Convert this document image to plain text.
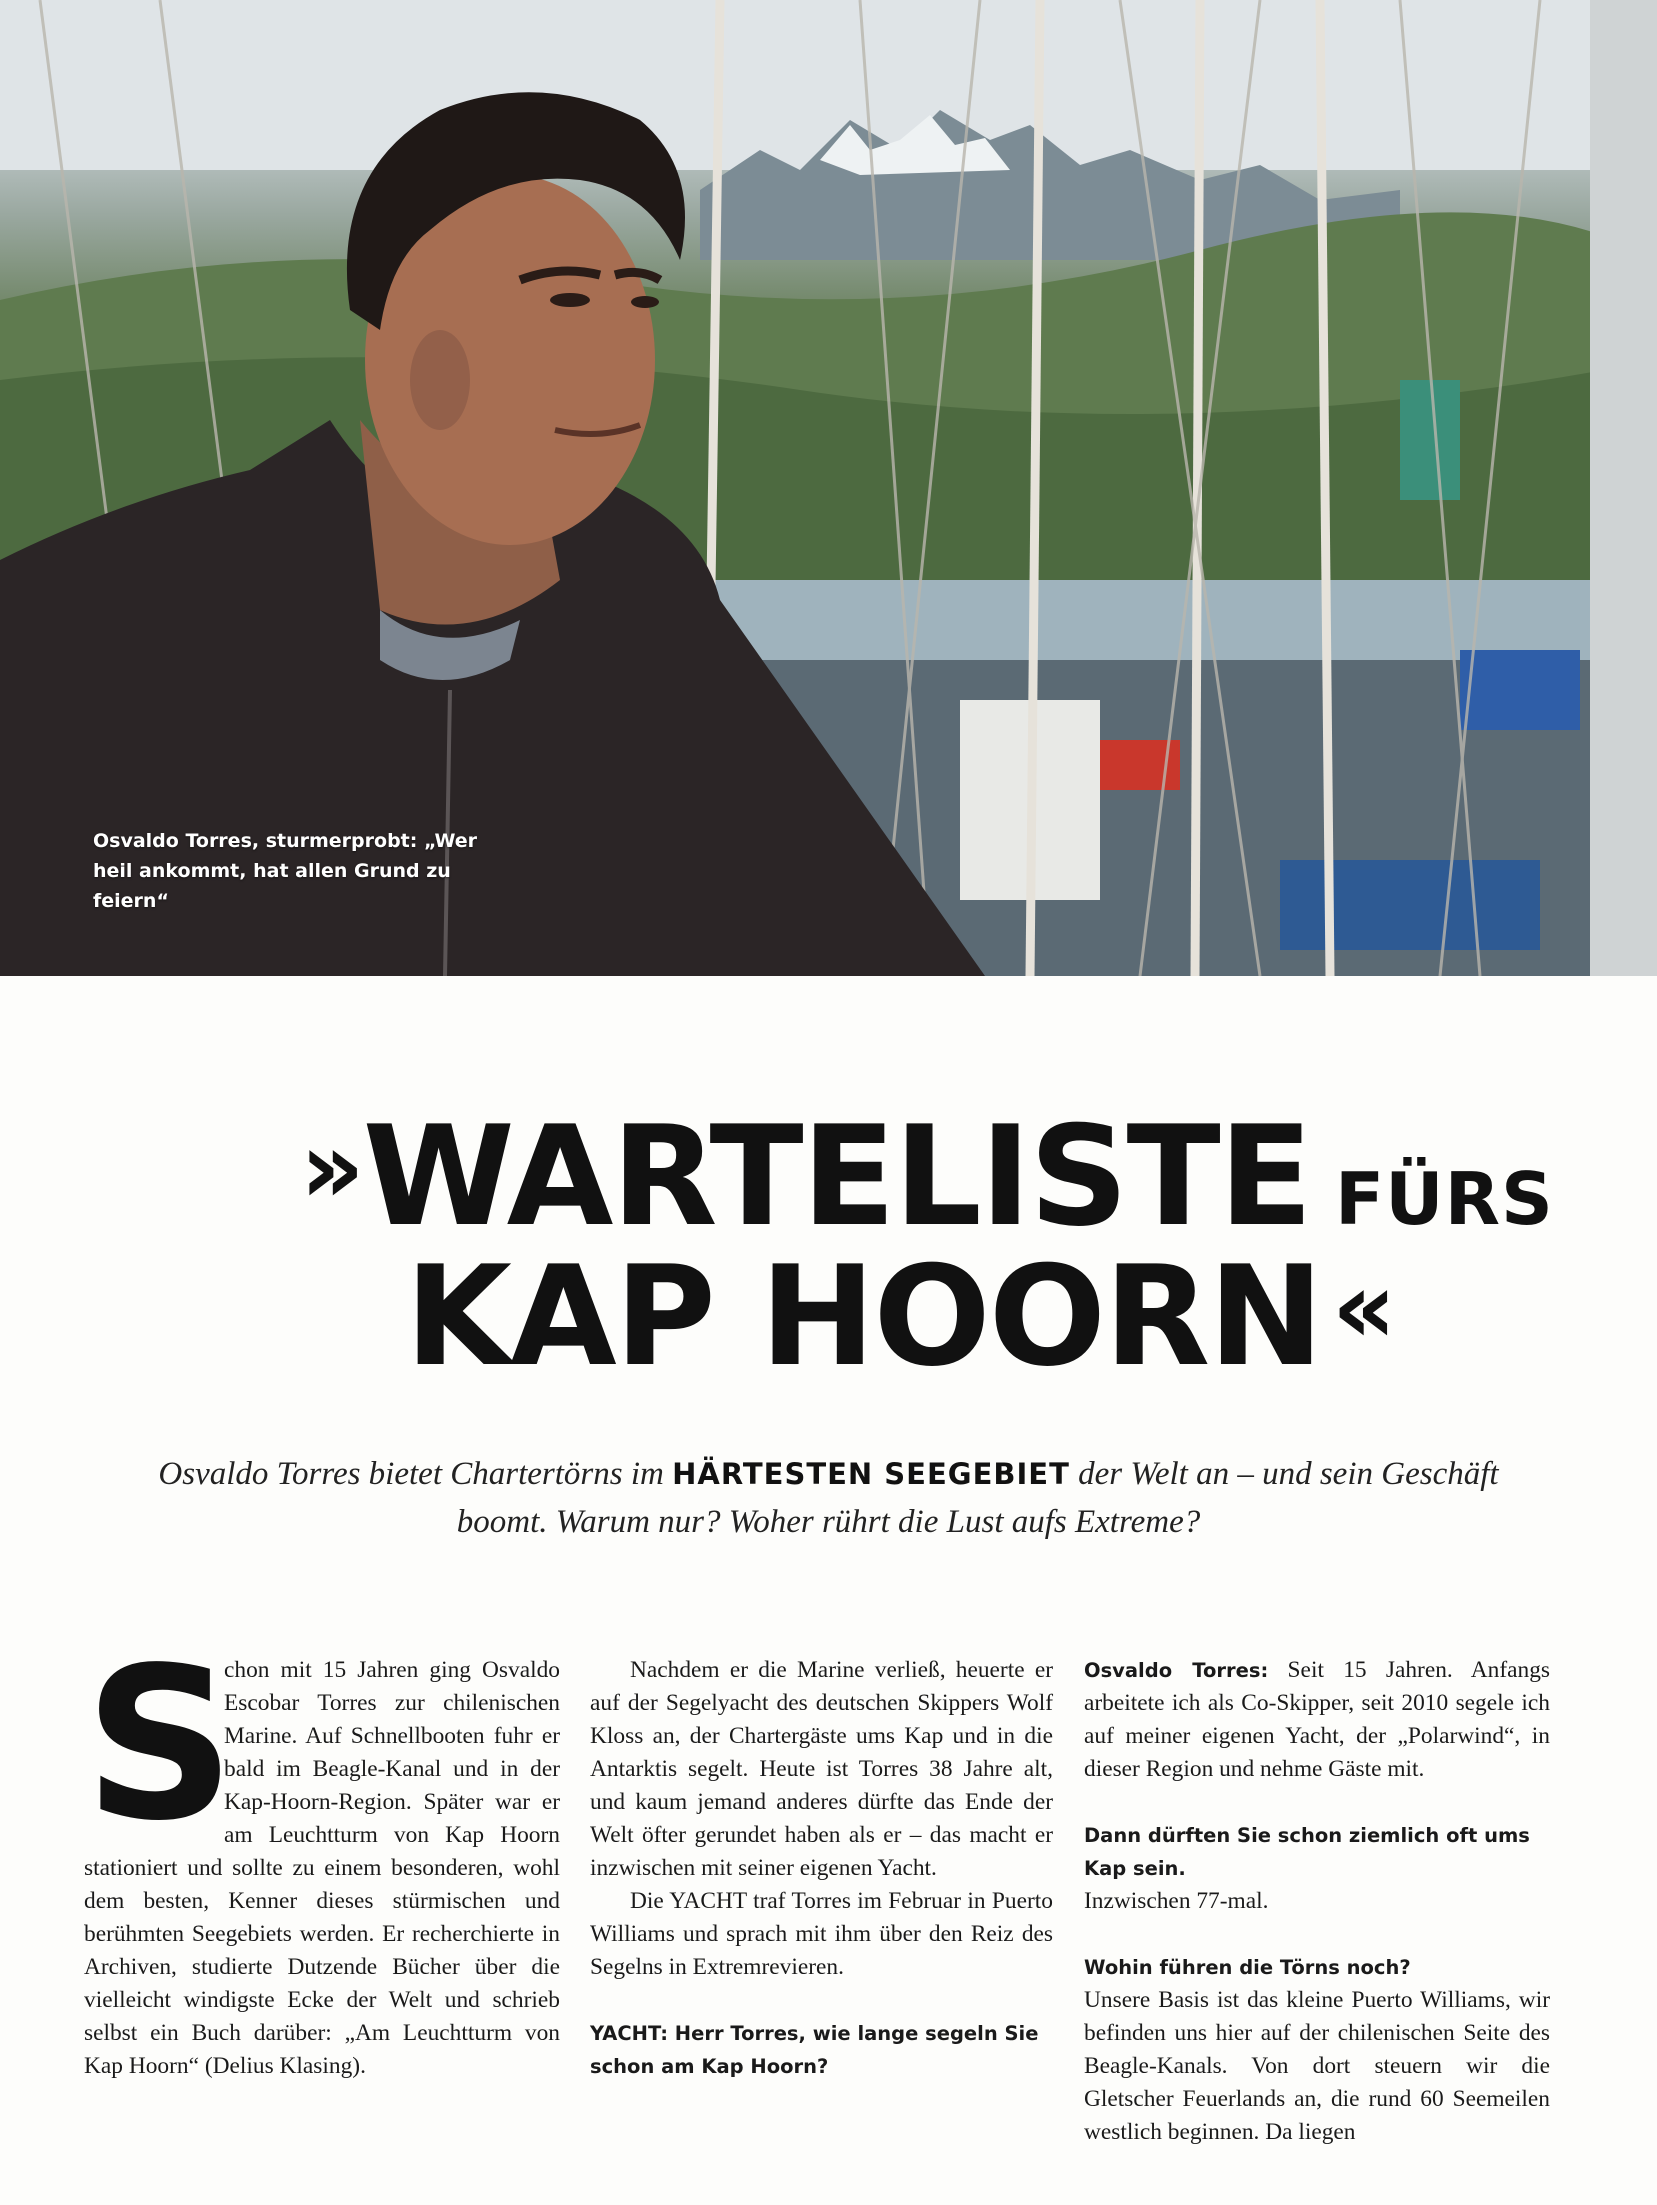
Osvaldo Torres, sturmerprobt: „Wer heil ankommt, hat allen Grund zu feiern“
»WARTELISTE FÜRS
KAP HOORN «
Osvaldo Torres bietet Chartertörns im HÄRTESTEN SEEGEBIET der Welt an – und sein Geschäft boomt. Warum nur? Woher rührt die Lust aufs Extreme?
S

chon mit 15 Jahren ging Osvaldo Escobar Torres zur chilenischen Marine. Auf Schnellbooten fuhr er bald im Beagle-Kanal und in der Kap-Hoorn-Region. Später war er am Leuchtturm von Kap Hoorn stationiert und sollte zu einem besonderen, wohl dem besten, Kenner dieses stürmischen und berühmten Seegebiets werden. Er recherchierte in Archiven, studierte Dutzende Bücher über die vielleicht windigste Ecke der Welt und schrieb selbst ein Buch darüber: „Am Leuchtturm von Kap Hoorn“ (Delius Klasing).

Nachdem er die Marine verließ, heuerte er auf der Segelyacht des deutschen Skippers Wolf Kloss an, der Chartergäste ums Kap und in die Antarktis segelt. Heute ist Torres 38 Jahre alt, und kaum jemand anderes dürfte das Ende der Welt öfter gerundet haben als er – das macht er inzwischen mit seiner eigenen Yacht.

Die YACHT traf Torres im Februar in Puerto Williams und sprach mit ihm über den Reiz des Segelns in Extremrevieren.

YACHT: Herr Torres, wie lange segeln Sie schon am Kap Hoorn?

Osvaldo Torres: Seit 15 Jahren. Anfangs arbeitete ich als Co-Skipper, seit 2010 segele ich auf meiner eigenen Yacht, der „Polarwind“, in dieser Region und nehme Gäste mit.

Dann dürften Sie schon ziemlich oft ums Kap sein.

Inzwischen 77-mal.

Wohin führen die Törns noch?

Unsere Basis ist das kleine Puerto Williams, wir befinden uns hier auf der chilenischen Seite des Beagle-Kanals. Von dort steuern wir die Gletscher Feuerlands an, die rund 60 Seemeilen westlich beginnen. Da liegen
